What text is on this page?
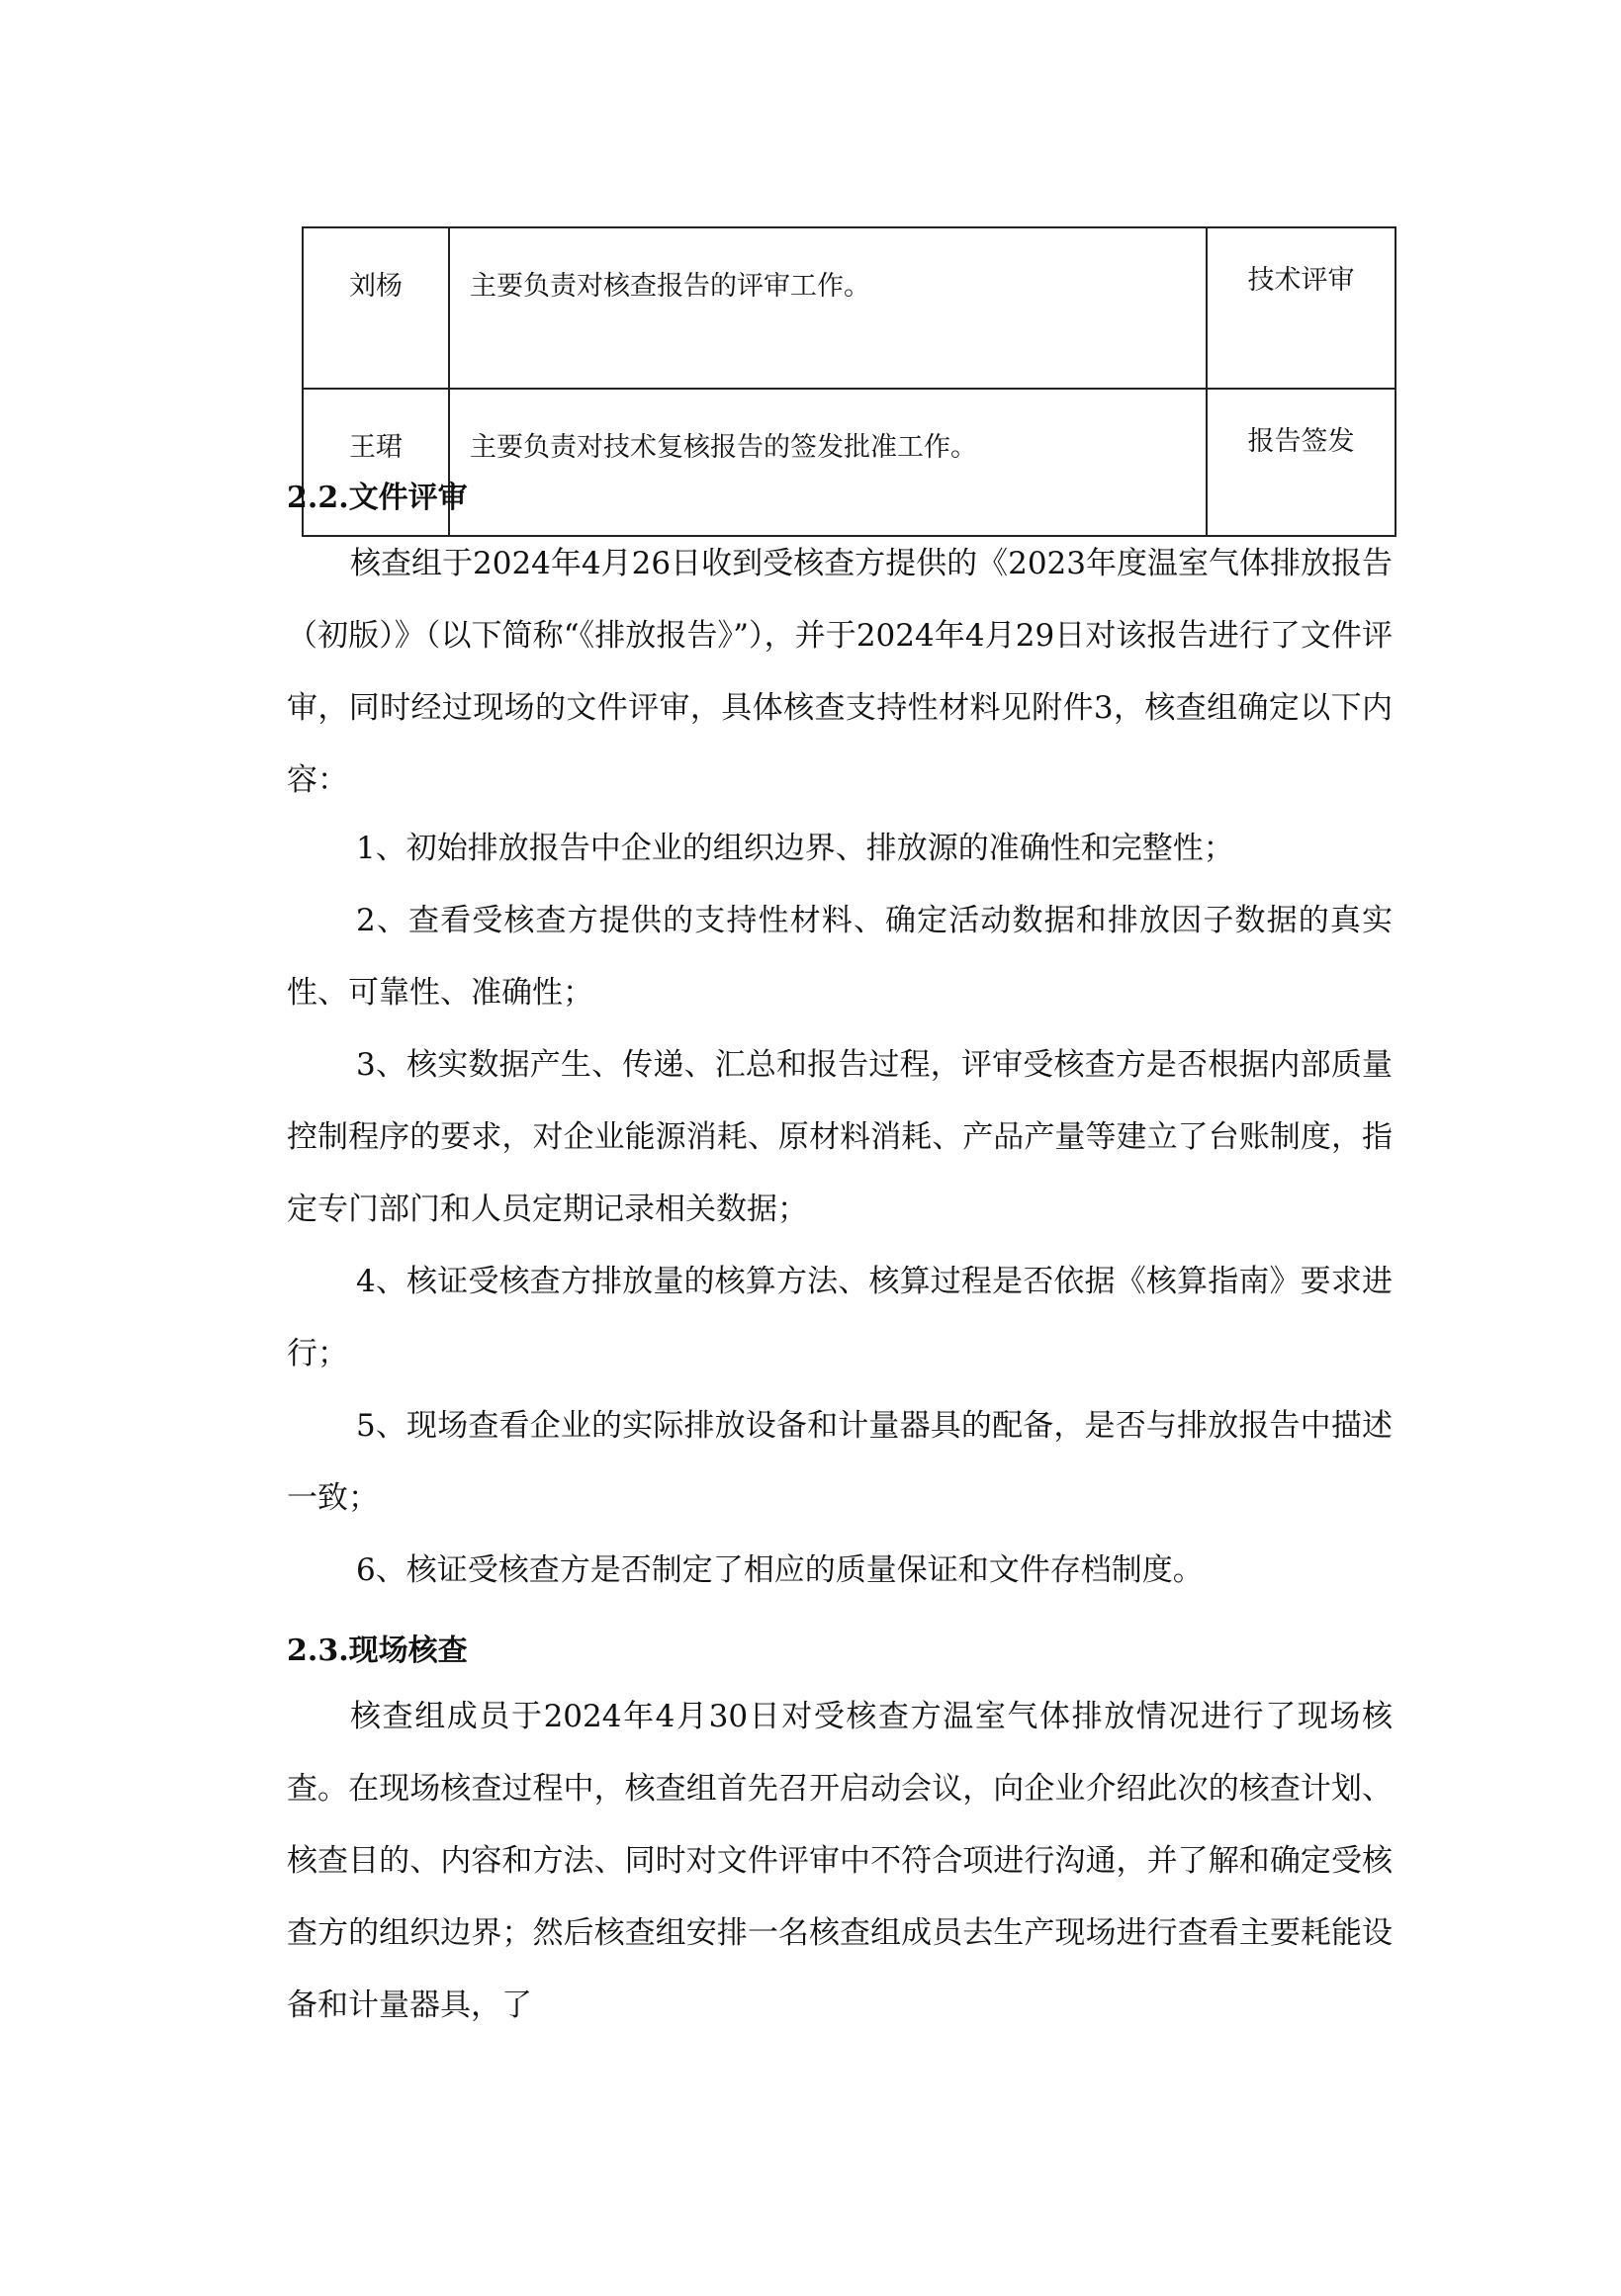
刘杨	主要负责对核查报告的评审工作。	技术评审
王珺	主要负责对技术复核报告的签发批准工作。	报告签发
2.2.文件评审
核查组于2024年4月26日收到受核查方提供的《2023年度温室气体排放报告（初版）》（以下简称“《排放报告》”），并于2024年4月29日对该报告进行了文件评审，同时经过现场的文件评审，具体核查支持性材料见附件3，核查组确定以下内容：
1、初始排放报告中企业的组织边界、排放源的准确性和完整性；
2、查看受核查方提供的支持性材料、确定活动数据和排放因子数据的真实性、可靠性、准确性；
3、核实数据产生、传递、汇总和报告过程，评审受核查方是否根据内部质量控制程序的要求，对企业能源消耗、原材料消耗、产品产量等建立了台账制度，指定专门部门和人员定期记录相关数据；
4、核证受核查方排放量的核算方法、核算过程是否依据《核算指南》要求进行；
5、现场查看企业的实际排放设备和计量器具的配备，是否与排放报告中描述一致；
6、核证受核查方是否制定了相应的质量保证和文件存档制度。
2.3.现场核查
核查组成员于2024年4月30日对受核查方温室气体排放情况进行了现场核查。在现场核查过程中，核查组首先召开启动会议，向企业介绍此次的核查计划、核查目的、内容和方法、同时对文件评审中不符合项进行沟通，并了解和确定受核查方的组织边界；然后核查组安排一名核查组成员去生产现场进行查看主要耗能设备和计量器具，了
